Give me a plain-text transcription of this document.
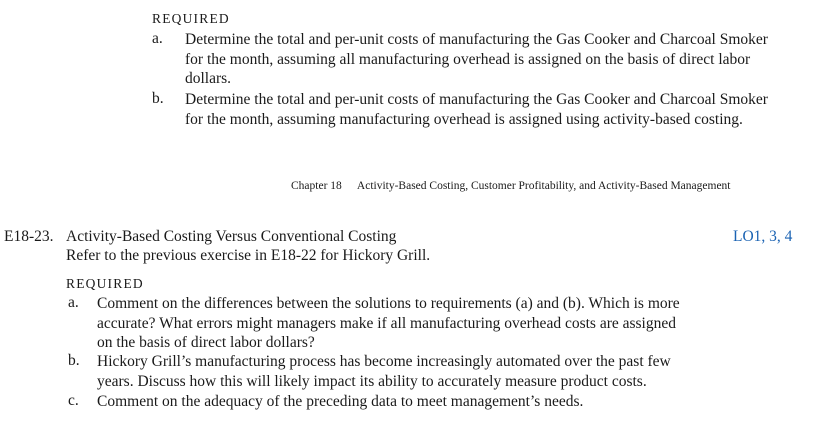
REQUIRED
a. Determine the total and per-unit costs of manufacturing the Gas Cooker and Charcoal Smoker
for the month, assuming all manufacturing overhead is assigned on the basis of direct labor
dollars.
b. Determine the total and per-unit costs of manufacturing the Gas Cooker and Charcoal Smoker
for the month, assuming manufacturing overhead is assigned using activity-based costing.
Chapter 18 Activity-Based Costing, Customer Profitability, and Activity-Based Management
E18-23. Activity-Based Costing Versus Conventional Costing	LO1, 3, 4
Refer to the previous exercise in E18-22 for Hickory Grill.
REQUIRED
a. Comment on the differences between the solutions to requirements (a) and (b). Which is more
accurate? What errors might managers make if all manufacturing overhead costs are assigned
on the basis of direct labor dollars?
b. Hickory Grill’s manufacturing process has become increasingly automated over the past few
years. Discuss how this will likely impact its ability to accurately measure product costs.
c. Comment on the adequacy of the preceding data to meet management’s needs.
